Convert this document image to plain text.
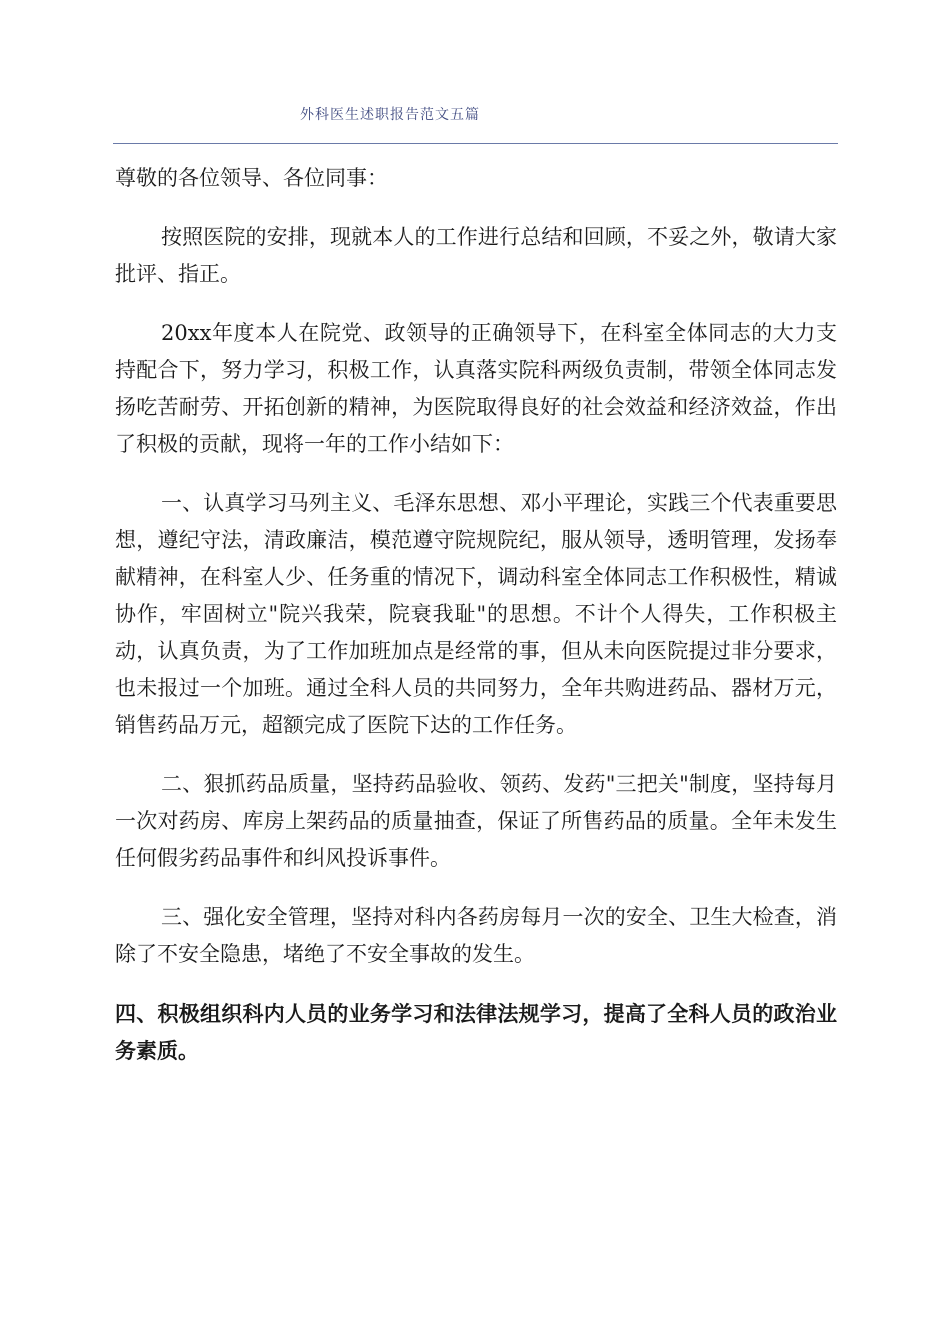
外科医生述职报告范文五篇

尊敬的各位领导、各位同事：

按照医院的安排，现就本人的工作进行总结和回顾，不妥之外，敬请大家批评、指正。

20xx年度本人在院党、政领导的正确领导下，在科室全体同志的大力支持配合下，努力学习，积极工作，认真落实院科两级负责制，带领全体同志发扬吃苦耐劳、开拓创新的精神，为医院取得良好的社会效益和经济效益，作出了积极的贡献，现将一年的工作小结如下：

一、认真学习马列主义、毛泽东思想、邓小平理论，实践三个代表重要思想，遵纪守法，清政廉洁，模范遵守院规院纪，服从领导，透明管理，发扬奉献精神，在科室人少、任务重的情况下，调动科室全体同志工作积极性，精诚协作，牢固树立"院兴我荣，院衰我耻"的思想。不计个人得失，工作积极主动，认真负责，为了工作加班加点是经常的事，但从未向医院提过非分要求，也未报过一个加班。通过全科人员的共同努力，全年共购进药品、器材万元，销售药品万元，超额完成了医院下达的工作任务。

二、狠抓药品质量，坚持药品验收、领药、发药"三把关"制度，坚持每月一次对药房、库房上架药品的质量抽查，保证了所售药品的质量。全年未发生任何假劣药品事件和纠风投诉事件。

三、强化安全管理，坚持对科内各药房每月一次的安全、卫生大检查，消除了不安全隐患，堵绝了不安全事故的发生。

四、积极组织科内人员的业务学习和法律法规学习，提高了全科人员的政治业务素质。
